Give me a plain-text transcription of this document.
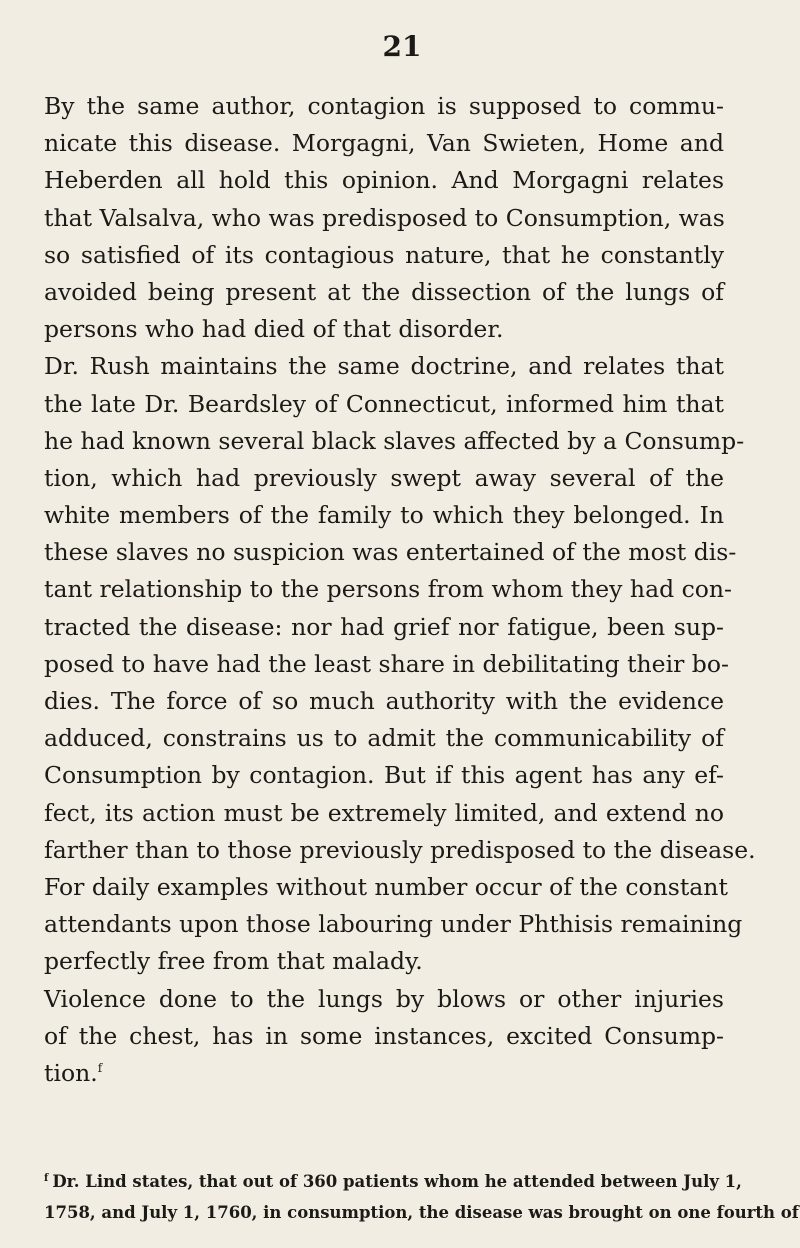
21
By the same author, contagion is supposed to commu-
nicate this disease. Morgagni, Van Swieten, Home and
Heberden all hold this opinion. And Morgagni relates
that Valsalva, who was predisposed to Consumption, was
so satisfied of its contagious nature, that he constantly
avoided being present at the dissection of the lungs of
persons who had died of that disorder.
Dr. Rush maintains the same doctrine, and relates that
the late Dr. Beardsley of Connecticut, informed him that
he had known several black slaves affected by a Consump-
tion, which had previously swept away several of the
white members of the family to which they belonged. In
these slaves no suspicion was entertained of the most dis-
tant relationship to the persons from whom they had con-
tracted the disease: nor had grief nor fatigue, been sup-
posed to have had the least share in debilitating their bo-
dies. The force of so much authority with the evidence
adduced, constrains us to admit the communicability of
Consumption by contagion. But if this agent has any ef-
fect, its action must be extremely limited, and extend no
farther than to those previously predisposed to the disease.
For daily examples without number occur of the constant
attendants upon those labouring under Phthisis remaining
perfectly free from that malady.
Violence done to the lungs by blows or other injuries
of the chest, has in some instances, excited Consump-
tion.$^f$
$^f$ Dr. Lind states, that out of 360 patients whom he attended between July 1,
1758, and July 1, 1760, in consumption, the disease was brought on one fourth of
